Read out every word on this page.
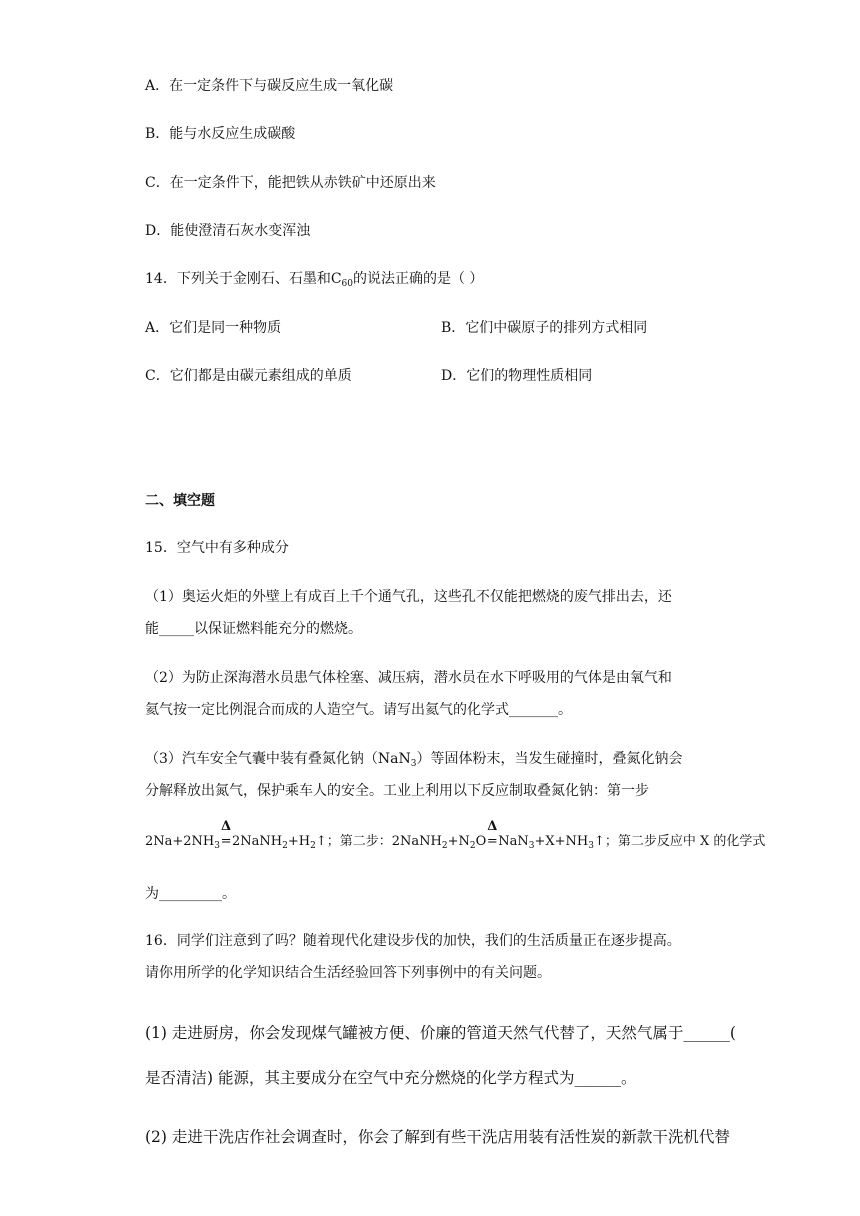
A．在一定条件下与碳反应生成一氧化碳
B．能与水反应生成碳酸
C．在一定条件下，能把铁从赤铁矿中还原出来
D．能使澄清石灰水变浑浊
14．下列关于金刚石、石墨和$C_{60}$的说法正确的是（ ）
A．它们是同一种物质	B．它们中碳原子的排列方式相同
C．它们都是由碳元素组成的单质	D．它们的物理性质相同
二、填空题
15．空气中有多种成分
（1）奥运火炬的外壁上有成百上千个通气孔，这些孔不仅能把燃烧的废气排出去，还
能_____以保证燃料能充分的燃烧。
（2）为防止深海潜水员患气体栓塞、减压病，潜水员在水下呼吸用的气体是由氧气和
氦气按一定比例混合而成的人造空气。请写出氦气的化学式_______。
（3）汽车安全气囊中装有叠氮化钠（NaN$_3$）等固体粉末，当发生碰撞时，叠氮化钠会
分解释放出氮气，保护乘车人的安全。工业上利用以下反应制取叠氮化钠：第一步
$2Na+2NH_3$
Δ
$=2NaNH_2+H_2↑$；第二步：$2NaNH_2+N_2O$
Δ
$=NaN_3+X+NH_3↑$；第二步反应中 X 的化学式
为_________。
16．同学们注意到了吗？随着现代化建设步伐的加快，我们的生活质量正在逐步提高。
请你用所学的化学知识结合生活经验回答下列事例中的有关问题。
(1) 走进厨房，你会发现煤气罐被方便、价廉的管道天然气代替了，天然气属于______(
是否清洁) 能源，其主要成分在空气中充分燃烧的化学方程式为______。
(2) 走进干洗店作社会调查时，你会了解到有些干洗店用装有活性炭的新款干洗机代替
